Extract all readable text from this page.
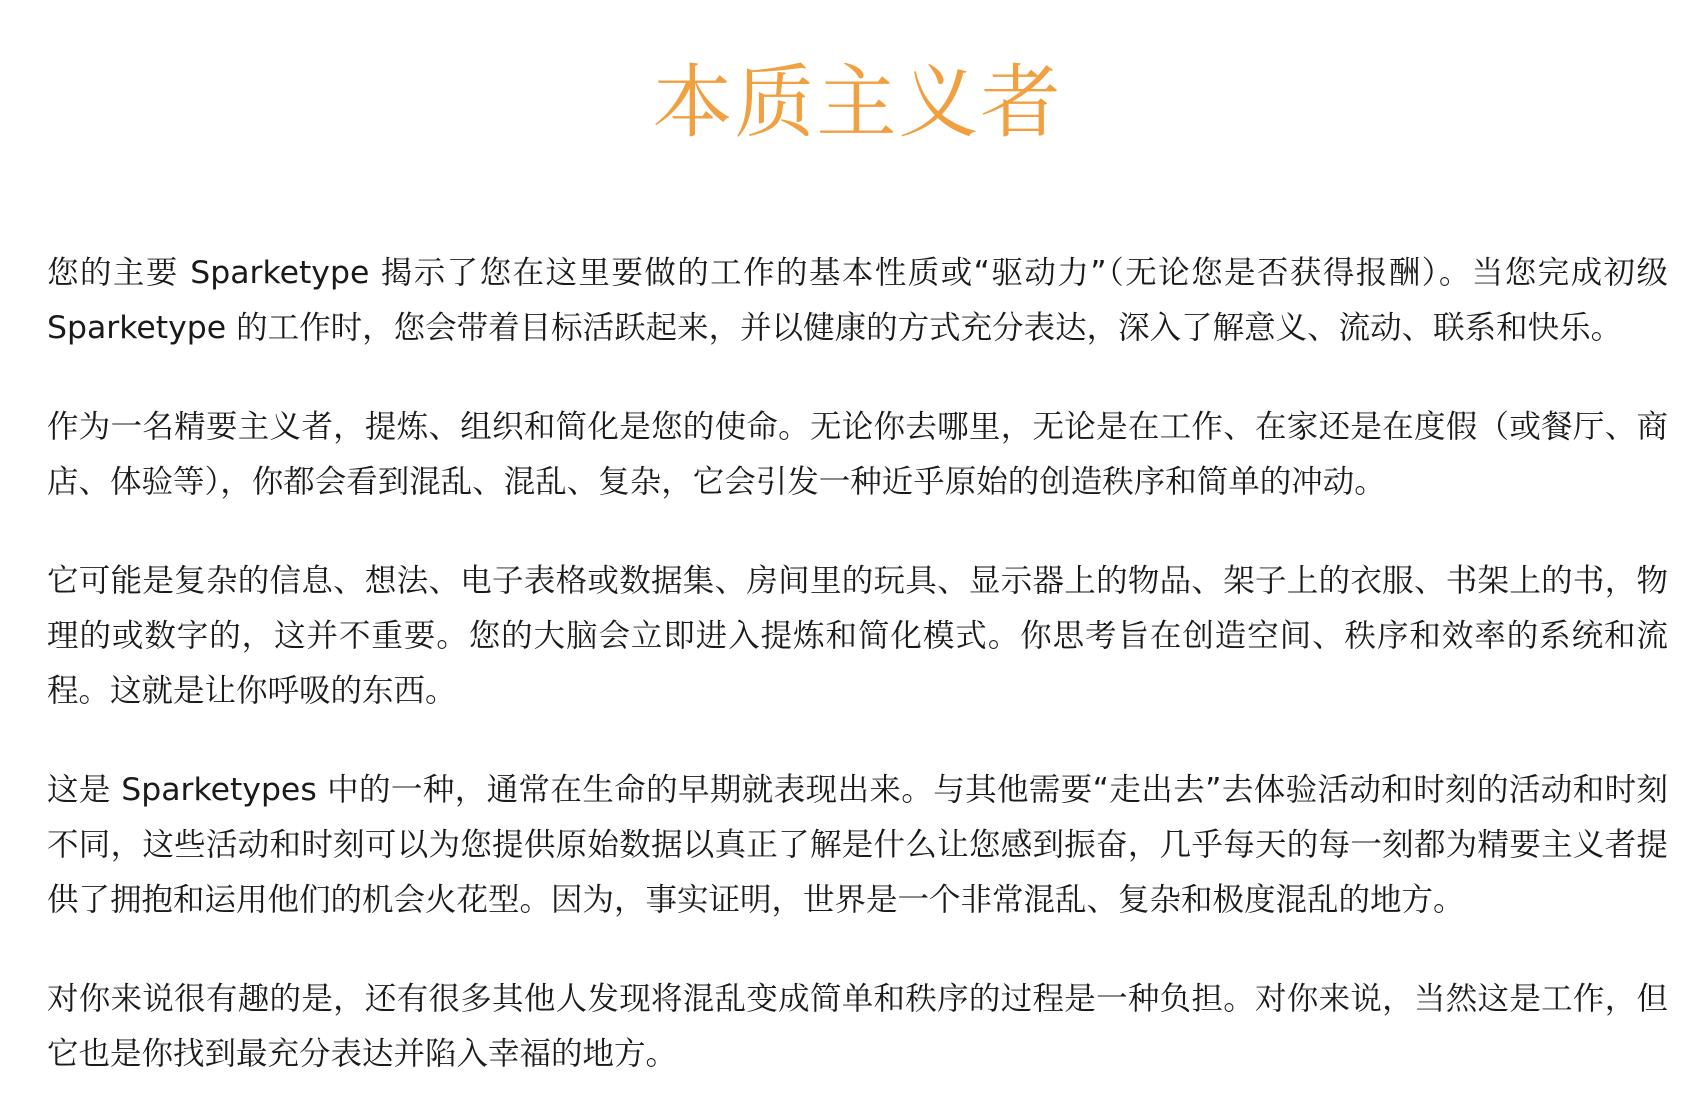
本质主义者

您的主要 Sparketype 揭示了您在这里要做的工作的基本性质或“驱动力”（无论您是否获得报酬）。当您完成初级 Sparketype 的工作时，您会带着目标活跃起来，并以健康的方式充分表达，深入了解意义、流动、联系和快乐。

作为一名精要主义者，提炼、组织和简化是您的使命。无论你去哪里，无论是在工作、在家还是在度假（或餐厅、商店、体验等），你都会看到混乱、混乱、复杂，它会引发一种近乎原始的创造秩序和简单的冲动。

它可能是复杂的信息、想法、电子表格或数据集、房间里的玩具、显示器上的物品、架子上的衣服、书架上的书，物理的或数字的，这并不重要。您的大脑会立即进入提炼和简化模式。你思考旨在创造空间、秩序和效率的系统和流程。这就是让你呼吸的东西。

这是 Sparketypes 中的一种，通常在生命的早期就表现出来。与其他需要“走出去”去体验活动和时刻的活动和时刻不同，这些活动和时刻可以为您提供原始数据以真正了解是什么让您感到振奋，几乎每天的每一刻都为精要主义者提供了拥抱和运用他们的机会火花型。因为，事实证明，世界是一个非常混乱、复杂和极度混乱的地方。

对你来说很有趣的是，还有很多其他人发现将混乱变成简单和秩序的过程是一种负担。对你来说，当然这是工作，但它也是你找到最充分表达并陷入幸福的地方。
